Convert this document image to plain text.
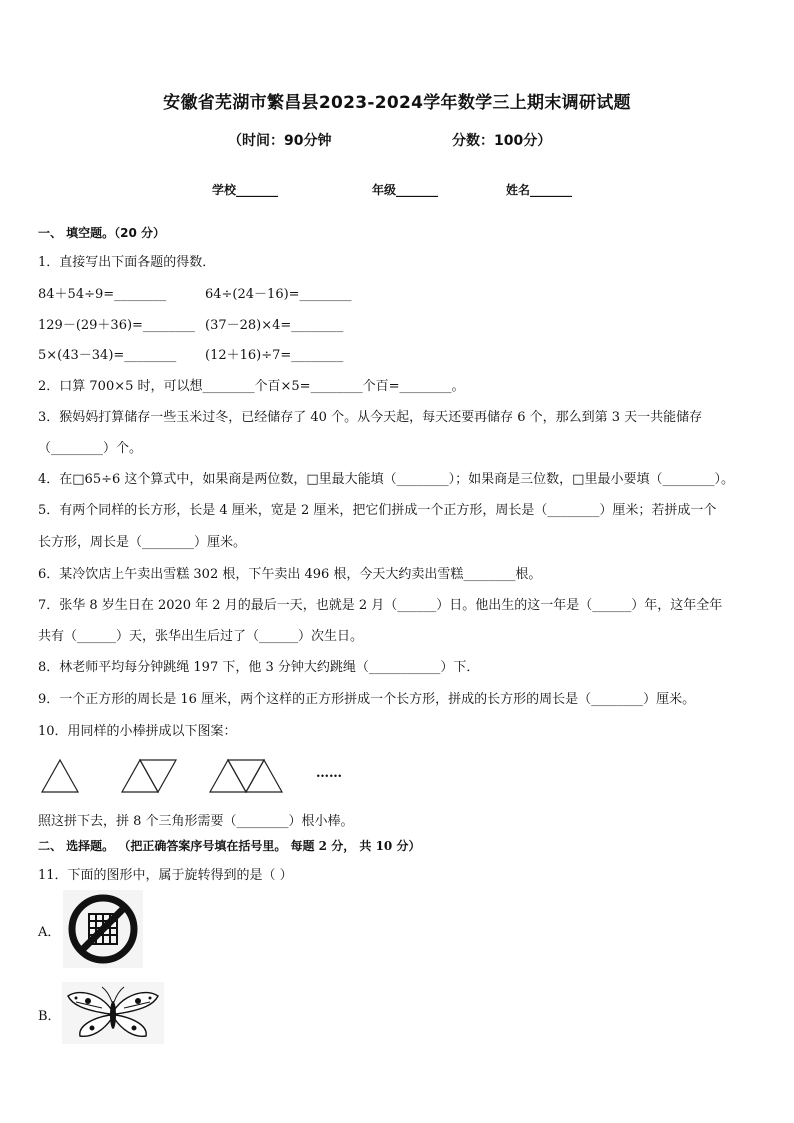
安徽省芜湖市繁昌县2023-2024学年数学三上期末调研试题
（时间：90分钟	分数：100分）
学校_______	年级_______	姓名_______
一、 填空题。（20 分）
1．直接写出下面各题的得数．
84＋54÷9=________	64÷(24－16)=________
129－(29＋36)=________ (37－28)×4=________
5×(43－34)=________ (12＋16)÷7=________
2．口算 700×5 时，可以想________个百×5=________个百=________。
3．猴妈妈打算储存一些玉米过冬，已经储存了 40 个。从今天起，每天还要再储存 6 个，那么到第 3 天一共能储存
（________）个。
4．在□65÷6 这个算式中，如果商是两位数，□里最大能填（________）；如果商是三位数，□里最小要填（________）。
5．有两个同样的长方形，长是 4 厘米，宽是 2 厘米，把它们拼成一个正方形，周长是（________）厘米；若拼成一个
长方形，周长是（________）厘米。
6．某冷饮店上午卖出雪糕 302 根，下午卖出 496 根，今天大约卖出雪糕________根。
7．张华 8 岁生日在 2020 年 2 月的最后一天，也就是 2 月（______）日。他出生的这一年是（______）年，这年全年
共有（______）天，张华出生后过了（______）次生日。
8．林老师平均每分钟跳绳 197 下，他 3 分钟大约跳绳（___________）下．
9．一个正方形的周长是 16 厘米，两个这样的正方形拼成一个长方形，拼成的长方形的周长是（________）厘米。
10．用同样的小棒拼成以下图案：
……
照这拼下去，拼 8 个三角形需要（________）根小棒。
二、 选择题。 （把正确答案序号填在括号里。 每题 2 分， 共 10 分）
11．下面的图形中，属于旋转得到的是（ ）
A．
B．
